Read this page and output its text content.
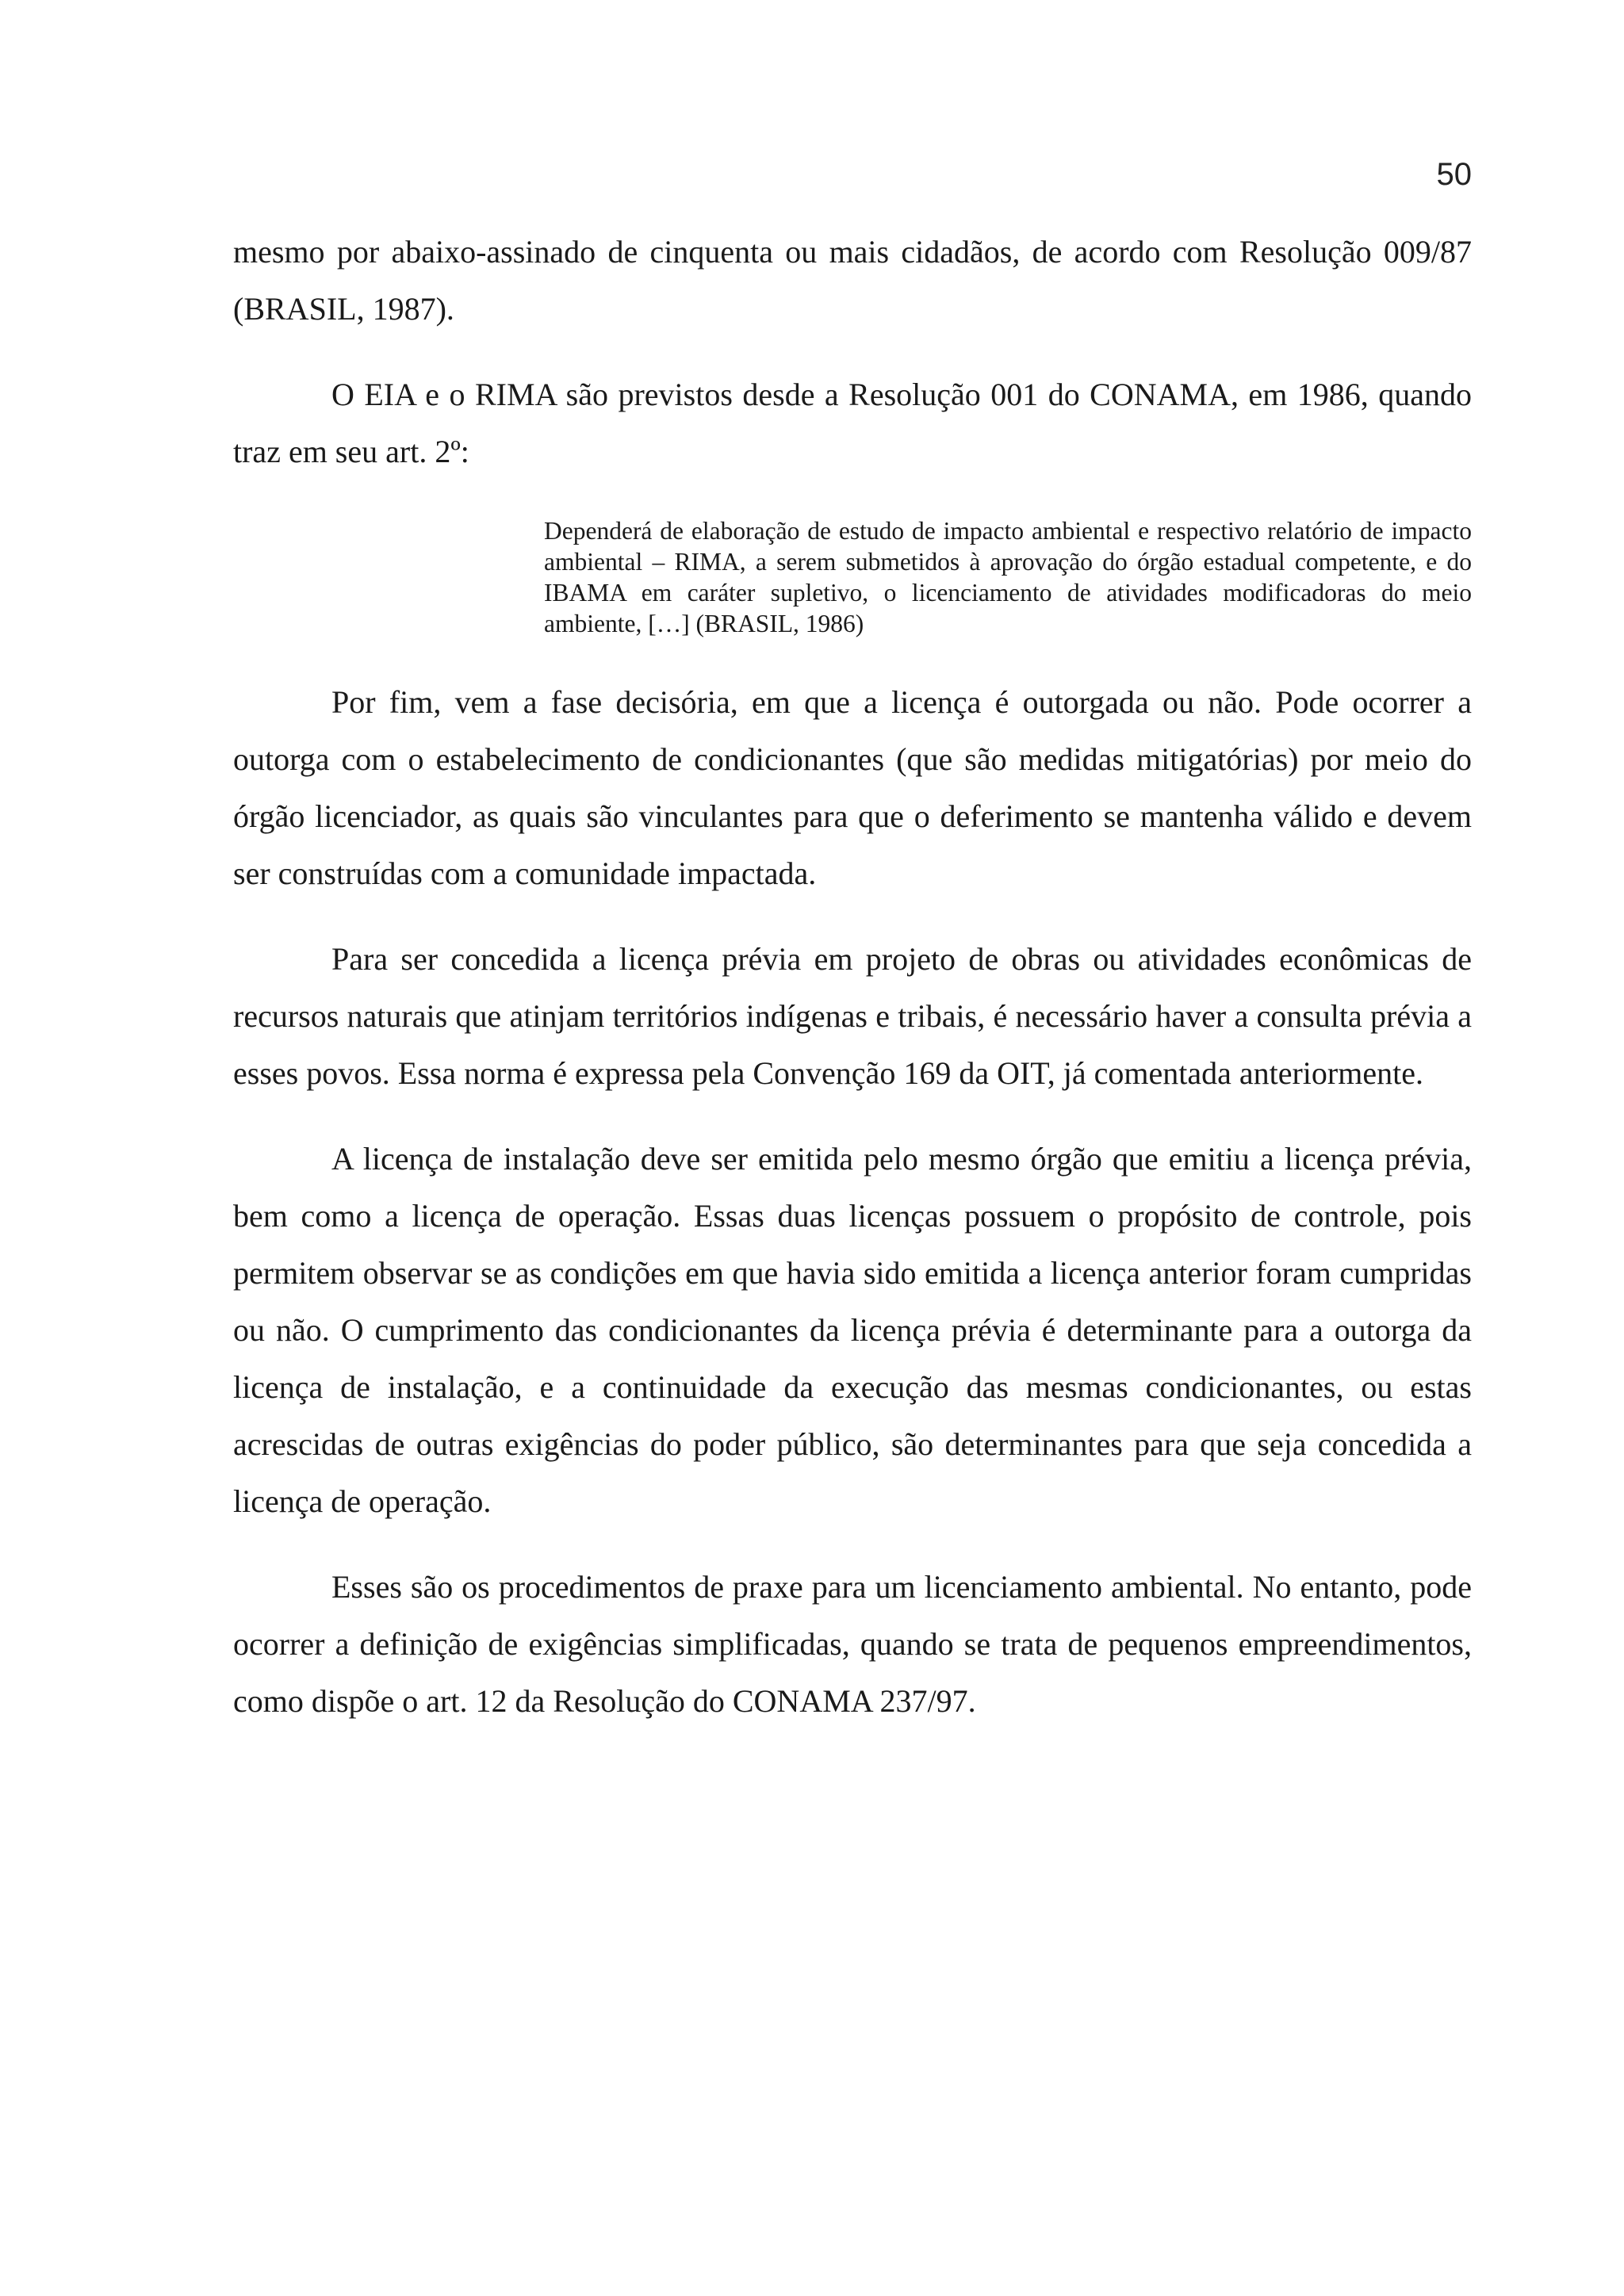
50

mesmo por abaixo-assinado de cinquenta ou mais cidadãos, de acordo com Resolução 009/87 (BRASIL, 1987).

O EIA e o RIMA são previstos desde a Resolução 001 do CONAMA, em 1986, quando traz em seu art. 2º:

Dependerá de elaboração de estudo de impacto ambiental e respectivo relatório de impacto ambiental – RIMA, a serem submetidos à aprovação do órgão estadual competente, e do IBAMA em caráter supletivo, o licenciamento de atividades modificadoras do meio ambiente, […] (BRASIL, 1986)

Por fim, vem a fase decisória, em que a licença é outorgada ou não. Pode ocorrer a outorga com o estabelecimento de condicionantes (que são medidas mitigatórias) por meio do órgão licenciador, as quais são vinculantes para que o deferimento se mantenha válido e devem ser construídas com a comunidade impactada.

Para ser concedida a licença prévia em projeto de obras ou atividades econômicas de recursos naturais que atinjam territórios indígenas e tribais, é necessário haver a consulta prévia a esses povos. Essa norma é expressa pela Convenção 169 da OIT, já comentada anteriormente.

A licença de instalação deve ser emitida pelo mesmo órgão que emitiu a licença prévia, bem como a licença de operação. Essas duas licenças possuem o propósito de controle, pois permitem observar se as condições em que havia sido emitida a licença anterior foram cumpridas ou não. O cumprimento das condicionantes da licença prévia é determinante para a outorga da licença de instalação, e a continuidade da execução das mesmas condicionantes, ou estas acrescidas de outras exigências do poder público, são determinantes para que seja concedida a licença de operação.

Esses são os procedimentos de praxe para um licenciamento ambiental. No entanto, pode ocorrer a definição de exigências simplificadas, quando se trata de pequenos empreendimentos, como dispõe o art. 12 da Resolução do CONAMA 237/97.
